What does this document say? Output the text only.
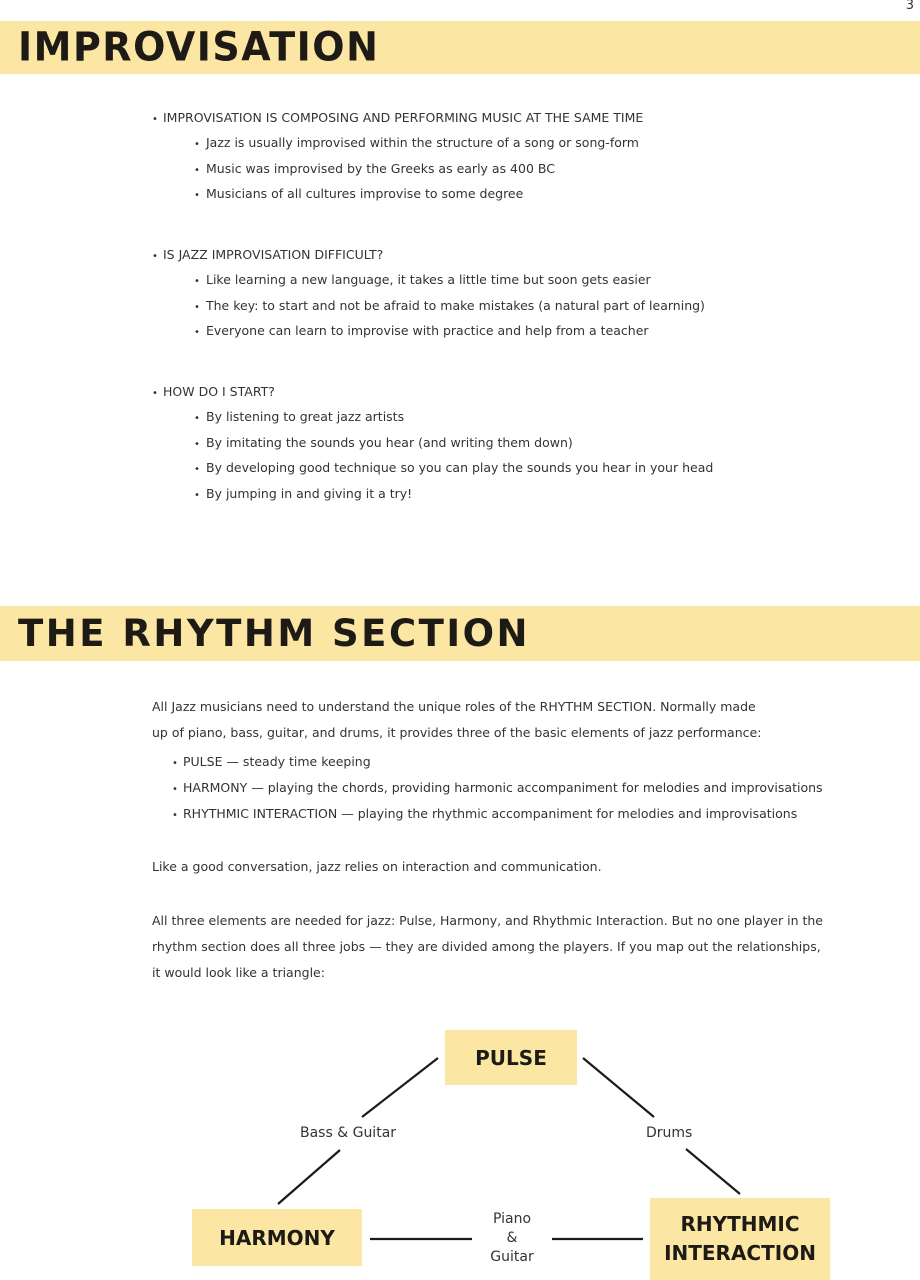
3
IMPROVISATION
• IMPROVISATION IS COMPOSING AND PERFORMING MUSIC AT THE SAME TIME
• Jazz is usually improvised within the structure of a song or song-form
• Music was improvised by the Greeks as early as 400 BC
• Musicians of all cultures improvise to some degree
• IS JAZZ IMPROVISATION DIFFICULT?
• Like learning a new language, it takes a little time but soon gets easier
• The key: to start and not be afraid to make mistakes (a natural part of learning)
• Everyone can learn to improvise with practice and help from a teacher
• HOW DO I START?
• By listening to great jazz artists
• By imitating the sounds you hear (and writing them down)
• By developing good technique so you can play the sounds you hear in your head
• By jumping in and giving it a try!
THE RHYTHM SECTION
All Jazz musicians need to understand the unique roles of the RHYTHM SECTION. Normally made
up of piano, bass, guitar, and drums, it provides three of the basic elements of jazz performance:
• PULSE — steady time keeping
• HARMONY — playing the chords, providing harmonic accompaniment for melodies and improvisations
• RHYTHMIC INTERACTION — playing the rhythmic accompaniment for melodies and improvisations
Like a good conversation, jazz relies on interaction and communication.
All three elements are needed for jazz: Pulse, Harmony, and Rhythmic Interaction. But no one player in the
rhythm section does all three jobs — they are divided among the players. If you map out the relationships,
it would look like a triangle:
PULSE
HARMONY
RHYTHMIC
INTERACTION
Bass & Guitar	Drums
Piano
&
Guitar
